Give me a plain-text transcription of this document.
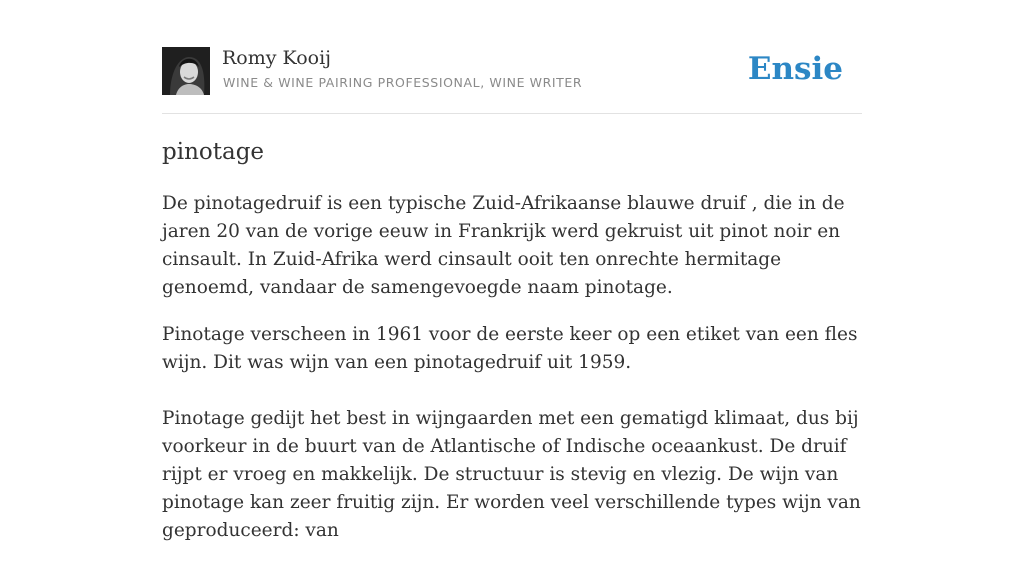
Romy Kooij
WINE & WINE PAIRING PROFESSIONAL, WINE WRITER	Ensie
pinotage

De pinotagedruif is een typische Zuid-Afrikaanse blauwe druif , die in de jaren 20 van de vorige eeuw in Frankrijk werd gekruist uit pinot noir en cinsault. In Zuid-Afrika werd cinsault ooit ten onrechte hermitage genoemd, vandaar de samengevoegde naam pinotage.

Pinotage verscheen in 1961 voor de eerste keer op een etiket van een fles wijn. Dit was wijn van een pinotagedruif uit 1959.

Pinotage gedijt het best in wijngaarden met een gematigd klimaat, dus bij voorkeur in de buurt van de Atlantische of Indische oceaankust. De druif rijpt er vroeg en makkelijk. De structuur is stevig en vlezig. De wijn van pinotage kan zeer fruitig zijn. Er worden veel verschillende types wijn van geproduceerd: van
